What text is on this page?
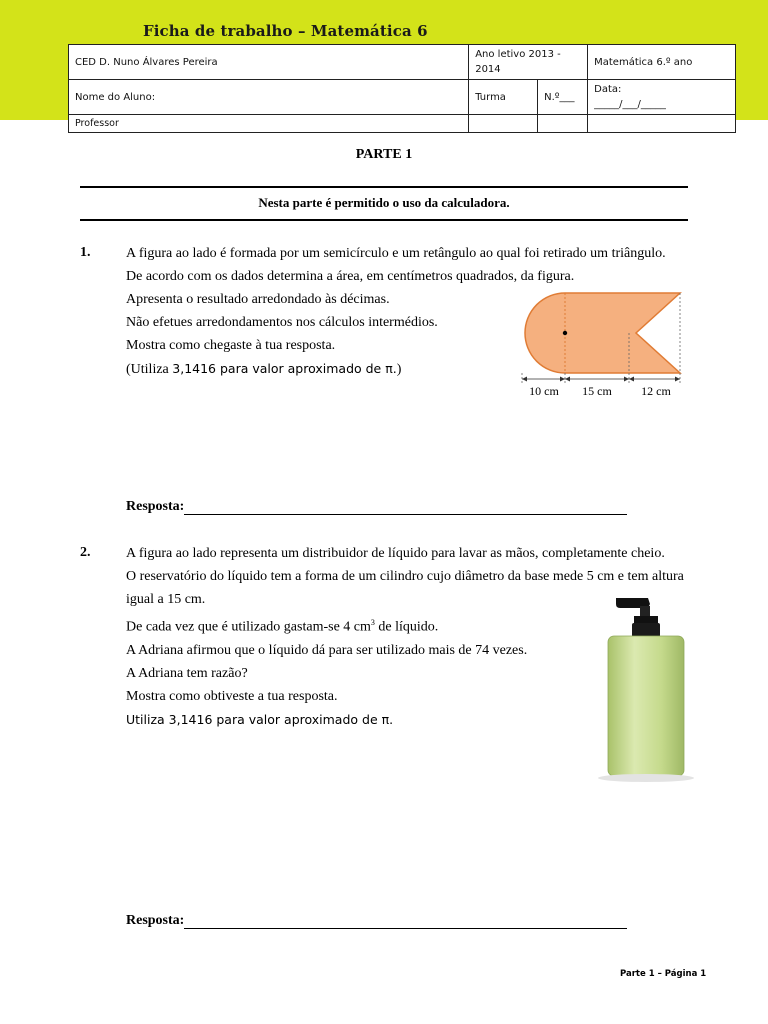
Ficha de trabalho – Matemática 6
CED D. Nuno Álvares Pereira	Ano letivo 2013 - 2014		Matemática 6.º ano
Nome do Aluno:	Turma	N.º___	Data:
_____/___/_____

Professor			
PARTE 1
Nesta parte é permitido o uso da calculadora.
1.	A figura ao lado é formada por um semicírculo e um retângulo ao qual foi retirado um triângulo.
De acordo com os dados determina a área, em centímetros quadrados, da figura.
Apresenta o resultado arredondado às décimas.
Não efetues arredondamentos nos cálculos intermédios.
Mostra como chegaste à tua resposta.
(Utiliza 3,1416 para valor aproximado de π.)
10 cm 15 cm 12 cm
Resposta:
2.	A figura ao lado representa um distribuidor de líquido para lavar as mãos, completamente cheio.
O reservatório do líquido tem a forma de um cilindro cujo diâmetro da base mede 5 cm e tem altura
igual a 15 cm.
De cada vez que é utilizado gastam-se 4 $cm^3$ de líquido.
A Adriana afirmou que o líquido dá para ser utilizado mais de 74 vezes.
A Adriana tem razão?
Mostra como obtiveste a tua resposta.
Utiliza 3,1416 para valor aproximado de π.
Resposta:
Parte 1 – Página 1
